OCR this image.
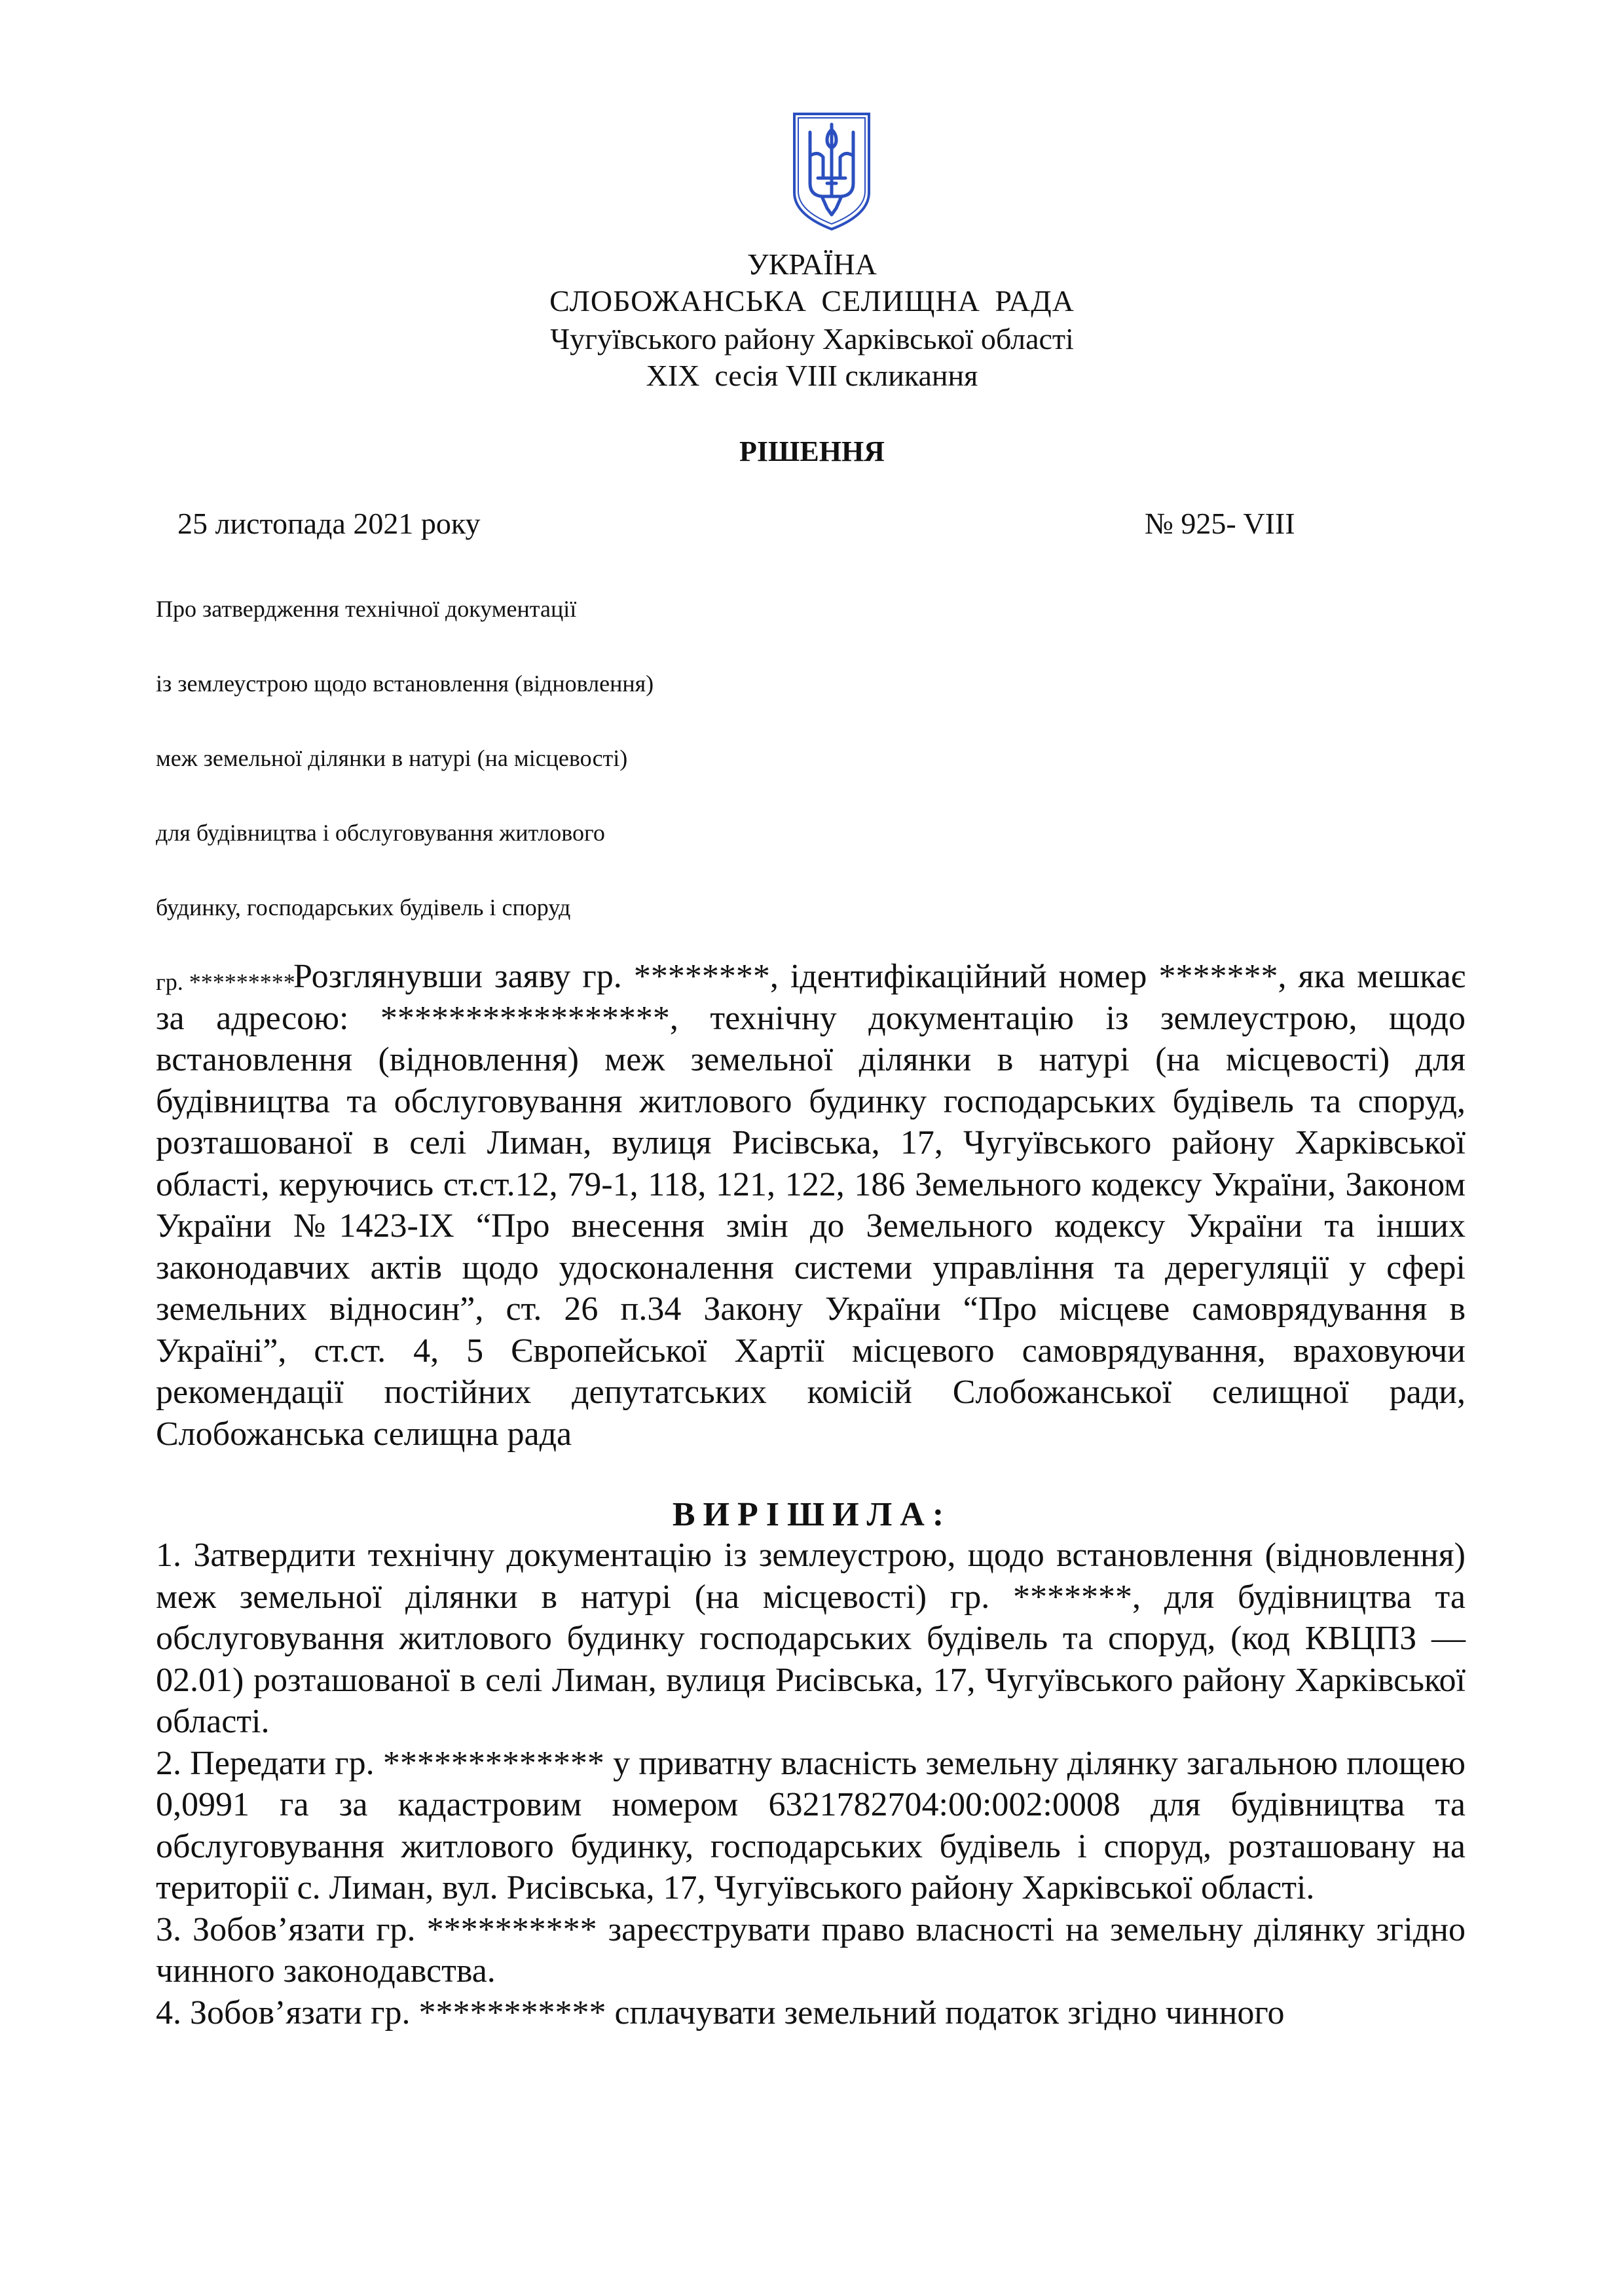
УКРАЇНА
СЛОБОЖАНСЬКА СЕЛИЩНА РАДА
Чугуївського району Харківської області
XIX  сесія VIII скликання
РІШЕННЯ
25 листопада 2021 року	№ 925- VIII
Про затвердження технічної документації
із землеустрою щодо встановлення (відновлення)
меж земельної ділянки в натурі (на місцевості)
для будівництва і обслуговування житлового
будинку, господарських будівель і споруд
гр. *********
Розглянувши заяву гр. ********, ідентифікаційний номер *******, яка мешкає за адресою: *****************, технічну документацію із землеустрою, щодо встановлення (відновлення) меж земельної ділянки в натурі (на місцевості) для будівництва та обслуговування житлового будинку господарських будівель та споруд, розташованої в селі Лиман, вулиця Рисівська, 17, Чугуївського району Харківської області, керуючись ст.ст.12, 79-1, 118, 121, 122, 186 Земельного кодексу України, Законом України №1423-IX “Про внесення змін до Земельного кодексу України та інших законодавчих актів щодо удосконалення системи управління та дерегуляції у сфері земельних відносин”, ст. 26 п.34 Закону України “Про місцеве самоврядування в Україні”, ст.ст. 4, 5 Європейської Хартії місцевого самоврядування, враховуючи рекомендації постійних депутатських комісій Слобожанської селищної ради, Слобожанська селищна рада
ВИРІШИЛА:

1. Затвердити технічну документацію із землеустрою, щодо встановлення (відновлення) меж земельної ділянки в натурі (на місцевості) гр. *******, для будівництва та обслуговування житлового будинку господарських будівель та споруд, (код КВЦПЗ — 02.01) розташованої в селі Лиман, вулиця Рисівська, 17, Чугуївського району Харківської області.

2. Передати гр. ************* у приватну власність земельну ділянку загальною площею 0,0991 га за кадастровим номером 6321782704:00:002:0008 для будівництва та обслуговування житлового будинку, господарських будівель і споруд, розташовану на території с. Лиман, вул. Рисівська, 17, Чугуївського району Харківської області.

3. Зобов’язати гр. ********** зареєструвати право власності на земельну ділянку згідно чинного законодавства.

4. Зобов’язати гр. *********** сплачувати земельний податок згідно чинного
